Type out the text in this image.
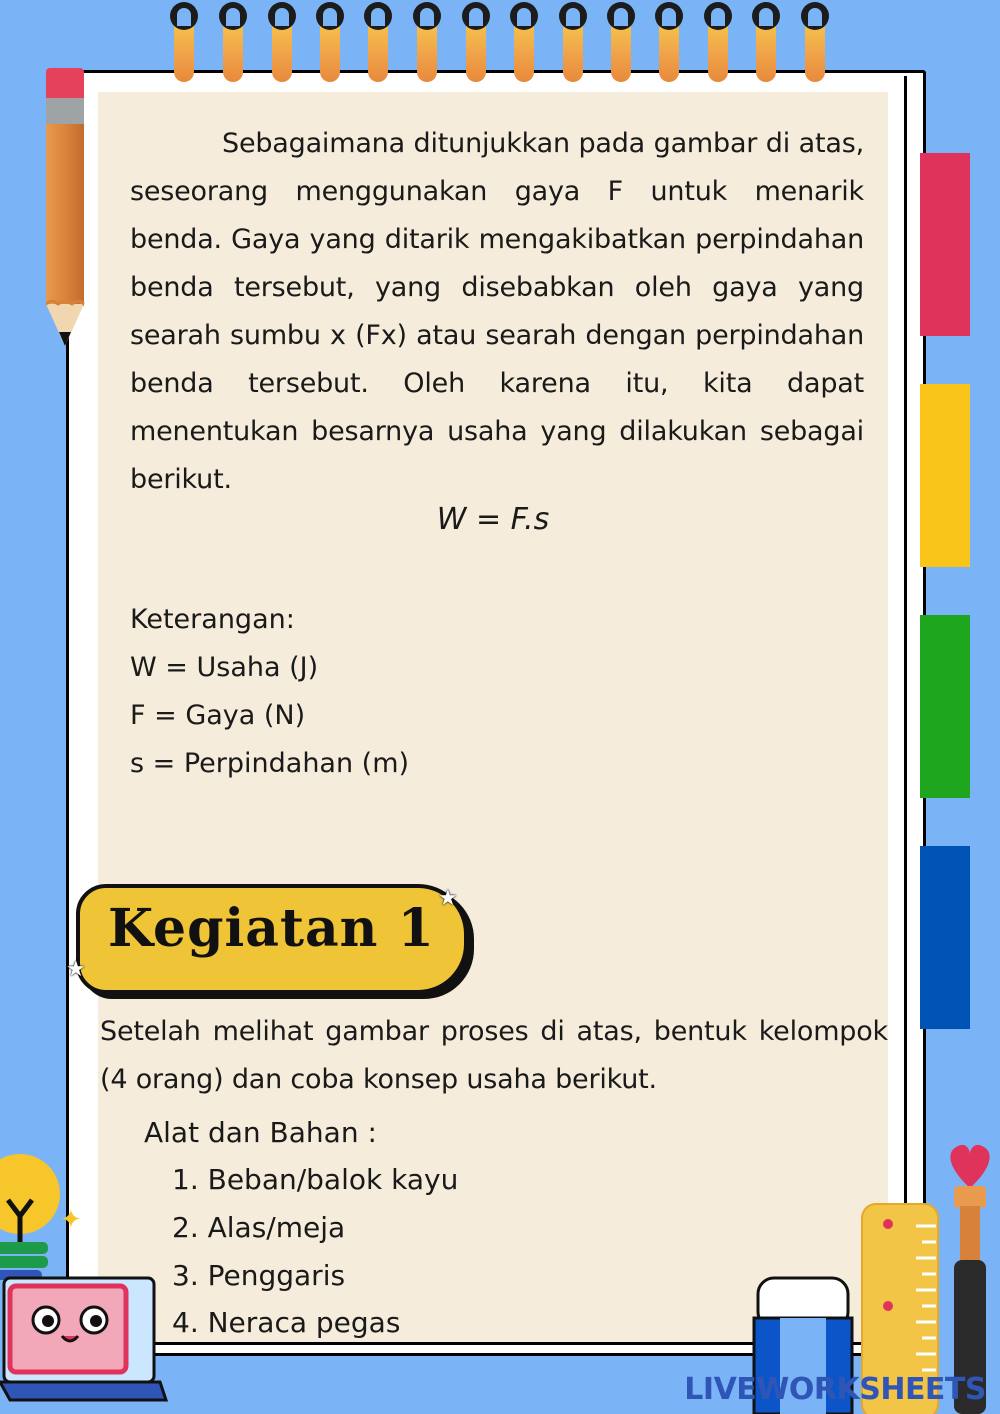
Sebagaimana ditunjukkan pada gambar di atas, seseorang menggunakan gaya F untuk menarik benda. Gaya yang ditarik mengakibatkan perpindahan benda tersebut, yang disebabkan oleh gaya yang searah sumbu x (Fx) atau searah dengan perpindahan benda tersebut. Oleh karena itu, kita dapat menentukan besarnya usaha yang dilakukan sebagai berikut.
W = F.s
Keterangan:
W = Usaha (J)
F = Gaya (N)
s = Perpindahan (m)
Kegiatan 1 ★
★
Setelah melihat gambar proses di atas, bentuk kelompok (4 orang) dan coba konsep usaha berikut.
Alat dan Bahan :
1. Beban/balok kayu
2. Alas/meja
3. Penggaris
4. Neraca pegas
✦
LIVEWORKSHEETS
